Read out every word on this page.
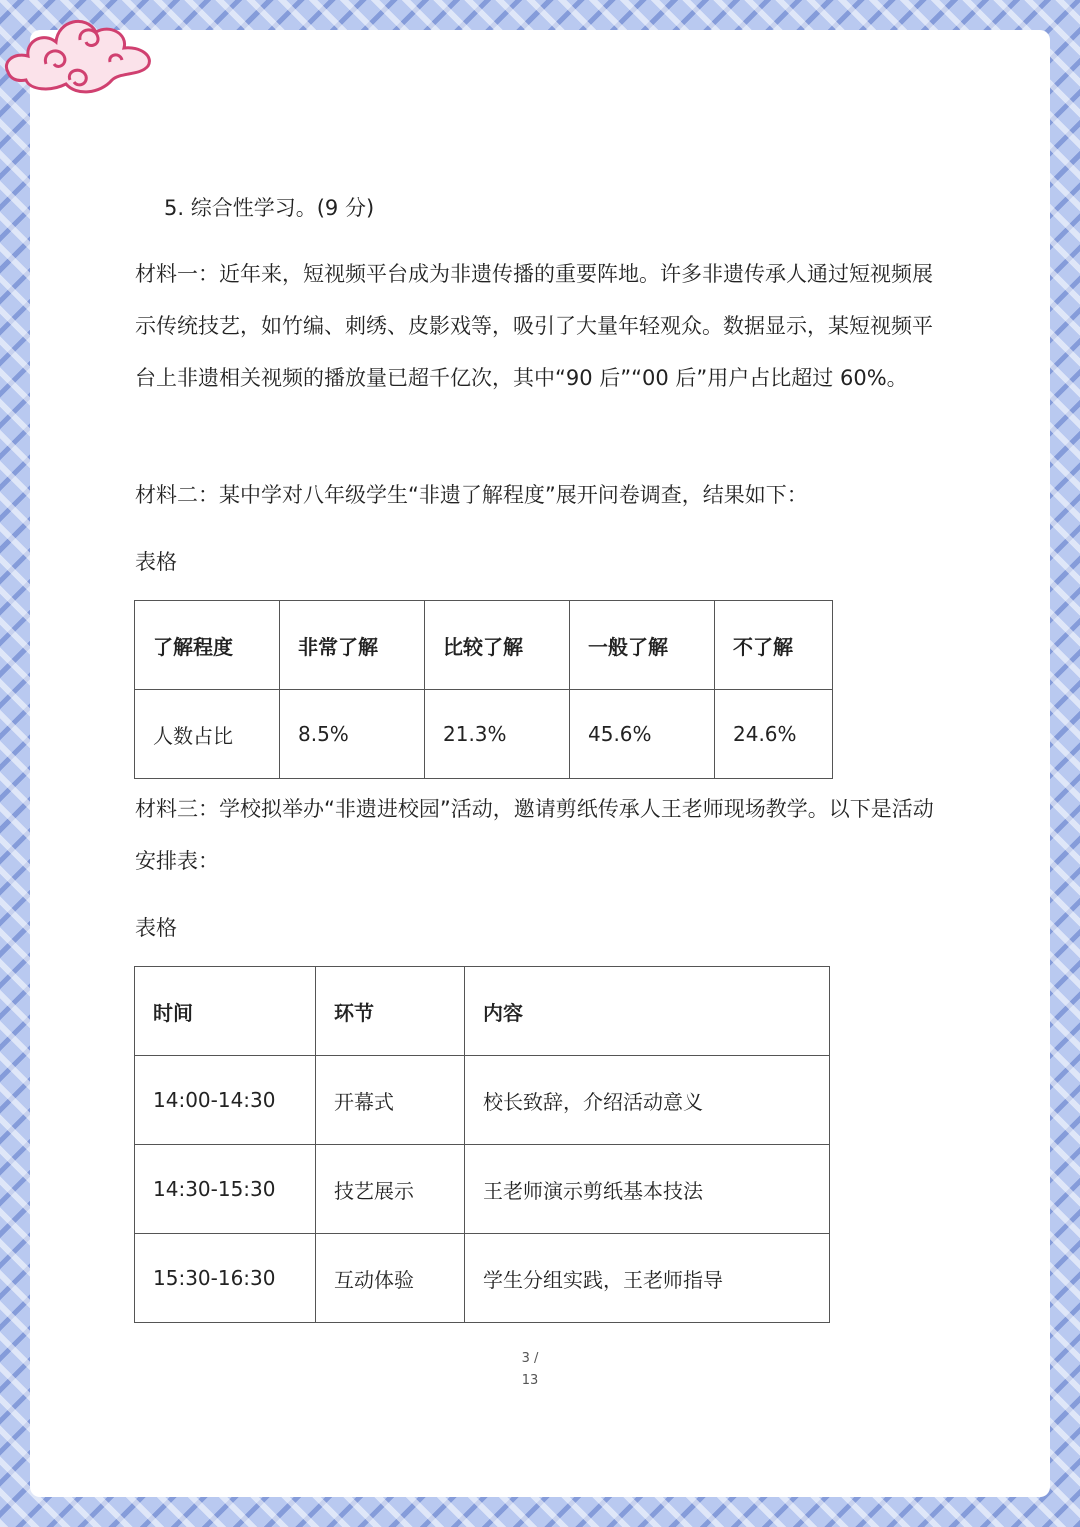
5. 综合性学习。(9 分)
材料一：近年来，短视频平台成为非遗传播的重要阵地。许多非遗传承人通过短视频展示传统技艺，如竹编、刺绣、皮影戏等，吸引了大量年轻观众。数据显示，某短视频平台上非遗相关视频的播放量已超千亿次，其中“90 后”“00 后”用户占比超过 60%。
材料二：某中学对八年级学生“非遗了解程度”展开问卷调查，结果如下：
表格
了解程度	非常了解	比较了解	一般了解	不了解
人数占比	8.5%	21.3%	45.6%	24.6%
材料三：学校拟举办“非遗进校园”活动，邀请剪纸传承人王老师现场教学。以下是活动安排表：
表格
时间	环节	内容
14:00-14:30	开幕式	校长致辞，介绍活动意义
14:30-15:30	技艺展示	王老师演示剪纸基本技法
15:30-16:30	互动体验	学生分组实践，王老师指导
3 /
13
